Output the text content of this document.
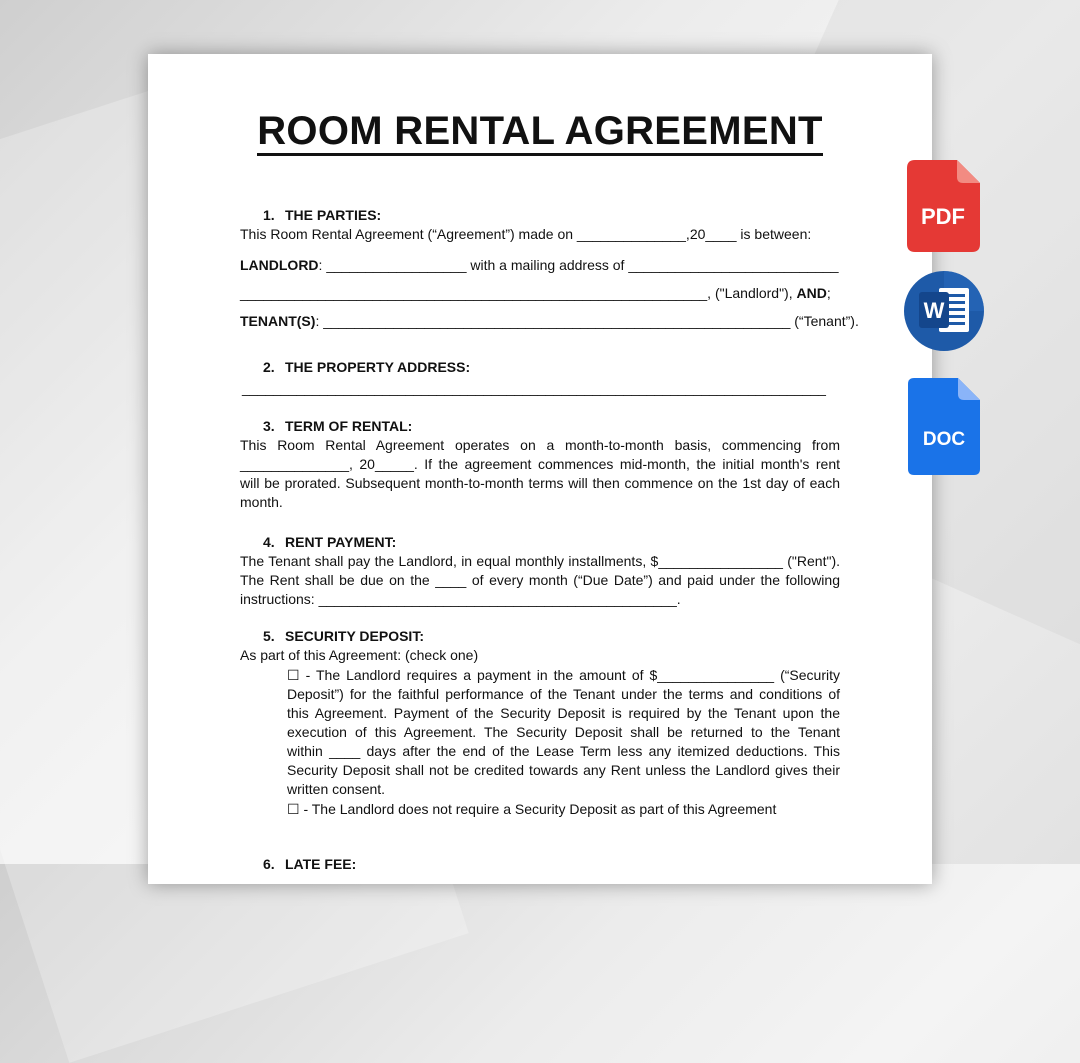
ROOM RENTAL AGREEMENT
1. THE PARTIES:
This Room Rental Agreement (“Agreement”) made on ______________,20____ is between:
LANDLORD: __________________ with a mailing address of ___________________________
____________________________________________________________, ("Landlord"), AND;
TENANT(S): ____________________________________________________________ (“Tenant”).
2. THE PROPERTY ADDRESS:
___________________________________________________________________________
3. TERM OF RENTAL:
This Room Rental Agreement operates on a month-to-month basis, commencing from
______________, 20_____. If the agreement commences mid-month, the initial month's rent
will be prorated. Subsequent month-to-month terms will then commence on the 1st day of each
month.
4. RENT PAYMENT:
The Tenant shall pay the Landlord, in equal monthly installments, $________________ ("Rent").
The Rent shall be due on the ____ of every month (“Due Date”) and paid under the following
instructions: ______________________________________________.
5. SECURITY DEPOSIT:
As part of this Agreement: (check one)
☐ - The Landlord requires a payment in the amount of $_______________ (“Security
Deposit”) for the faithful performance of the Tenant under the terms and conditions of
this Agreement. Payment of the Security Deposit is required by the Tenant upon the
execution of this Agreement. The Security Deposit shall be returned to the Tenant
within ____ days after the end of the Lease Term less any itemized deductions. This
Security Deposit shall not be credited towards any Rent unless the Landlord gives their
written consent.
☐ - The Landlord does not require a Security Deposit as part of this Agreement
6. LATE FEE:
PDF
W
DOC
